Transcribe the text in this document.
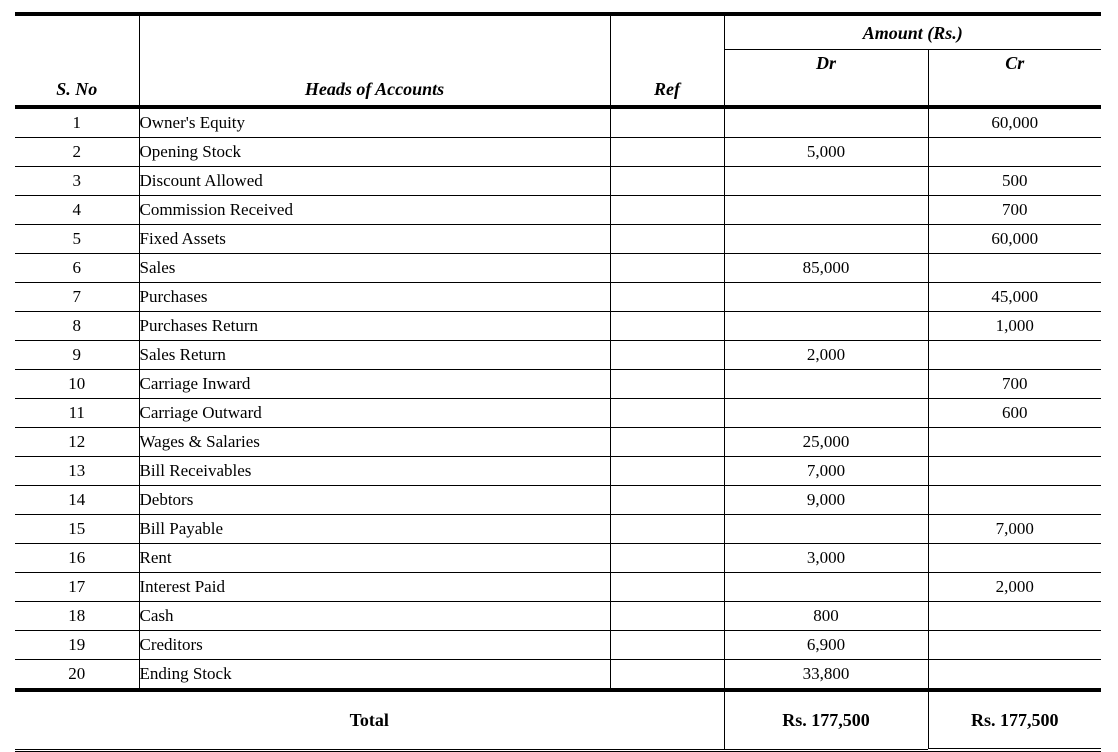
			Amount (Rs.)	
			Dr	Cr
S. No	Heads of Accounts	Ref		

1	Owner's Equity			60,000
2	Opening Stock		5,000	
3	Discount Allowed			500
4	Commission Received			700
5	Fixed Assets			60,000
6	Sales		85,000	
7	Purchases			45,000
8	Purchases Return			1,000
9	Sales Return		2,000	
10	Carriage Inward			700
11	Carriage Outward			600
12	Wages & Salaries		25,000	
13	Bill Receivables		7,000	
14	Debtors		9,000	
15	Bill Payable			7,000
16	Rent		3,000	
17	Interest Paid			2,000
18	Cash		800	
19	Creditors		6,900	
20	Ending Stock		33,800	
Total			Rs. 177,500	Rs. 177,500
